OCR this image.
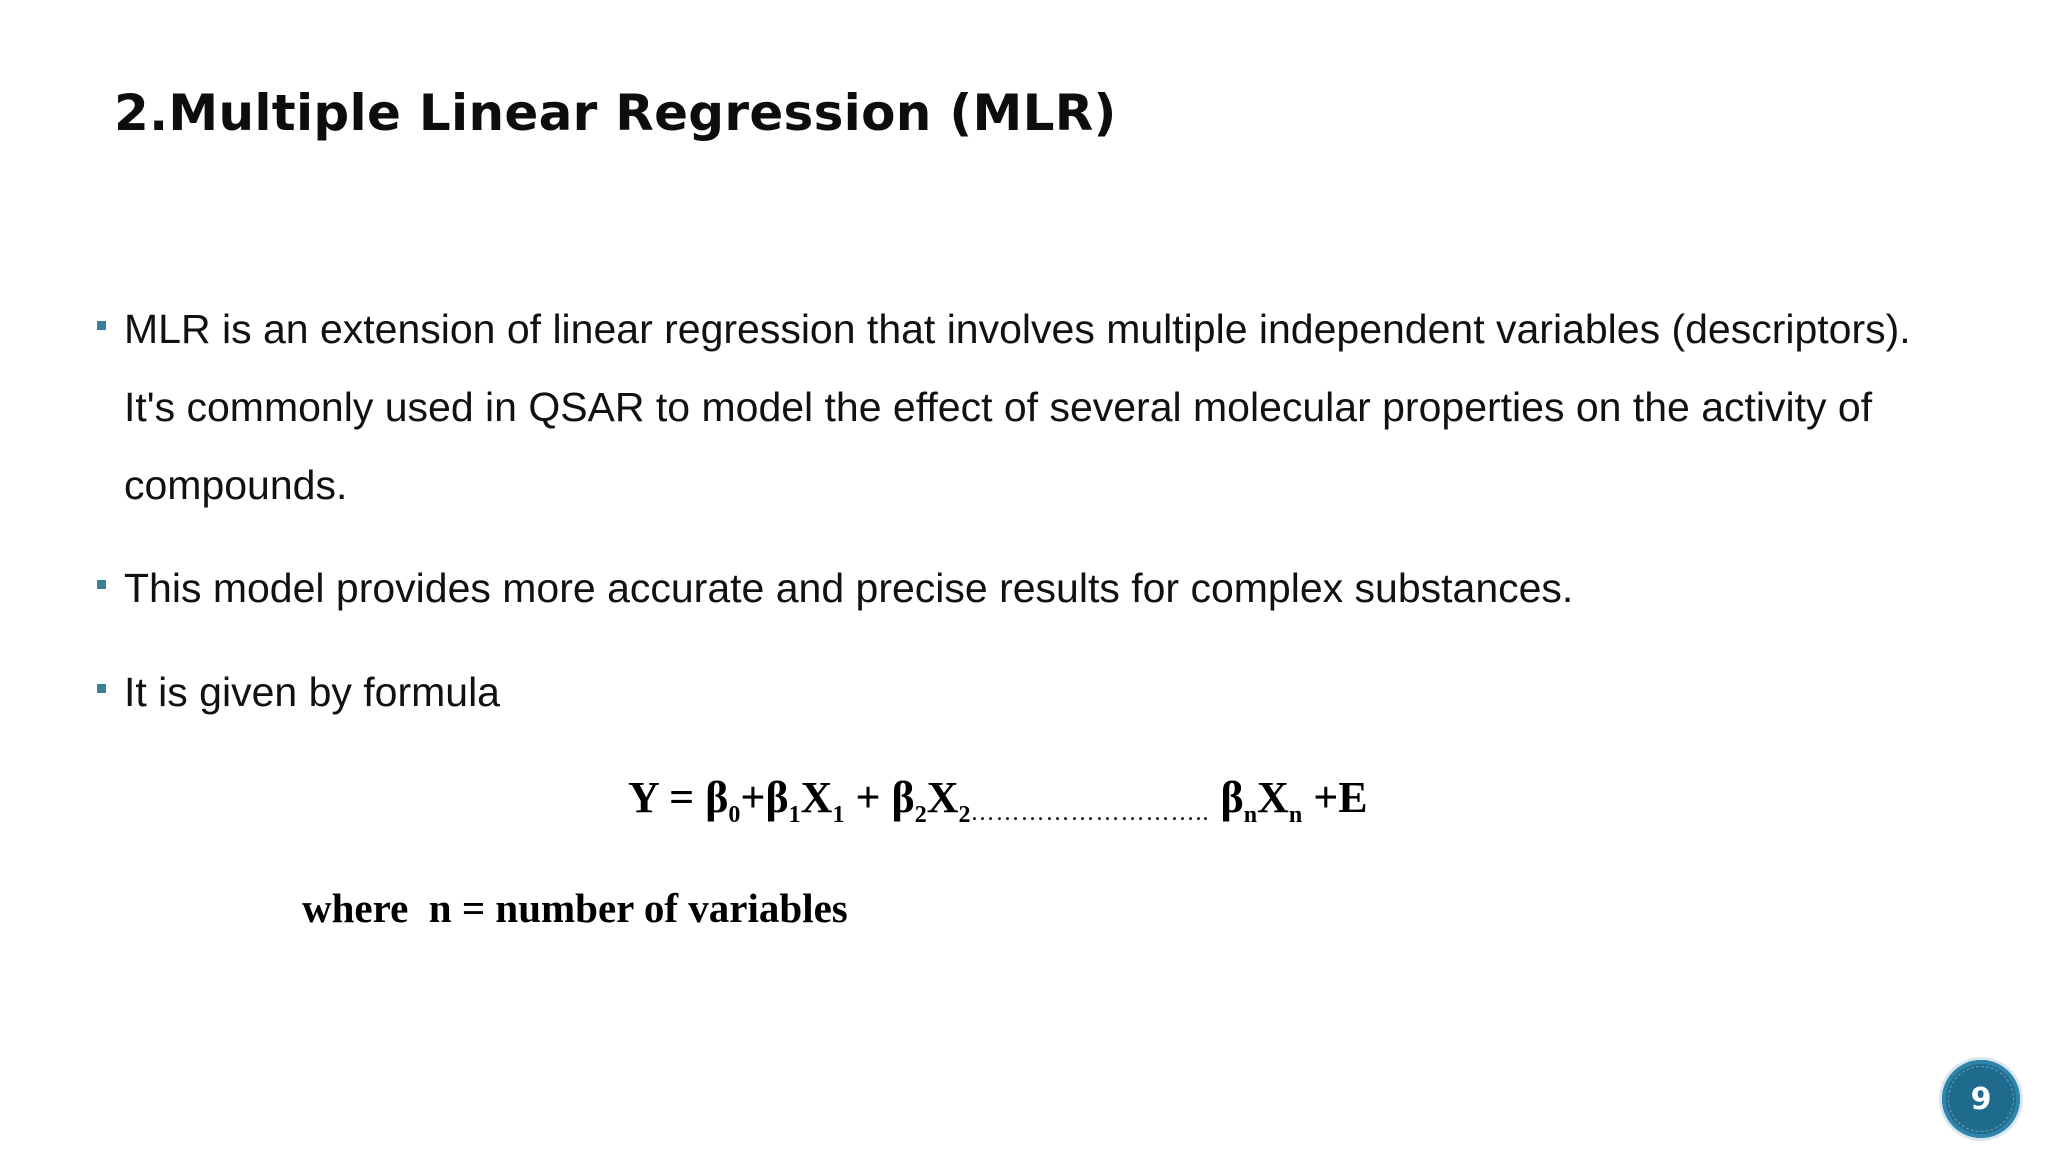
2.Multiple Linear Regression (MLR)
MLR is an extension of linear regression that involves multiple independent variables (descriptors). It's commonly used in QSAR to model the effect of several molecular properties on the activity of compounds.
This model provides more accurate and precise results for complex substances.
It is given by formula
$Y = \beta_0+\beta_1X_1$ + $\beta_2X_2\dots\dots\dots\dots\dots\dots\dots\dots\dots$.. $\beta_nX_n +E$
where  n = number of variables
9
